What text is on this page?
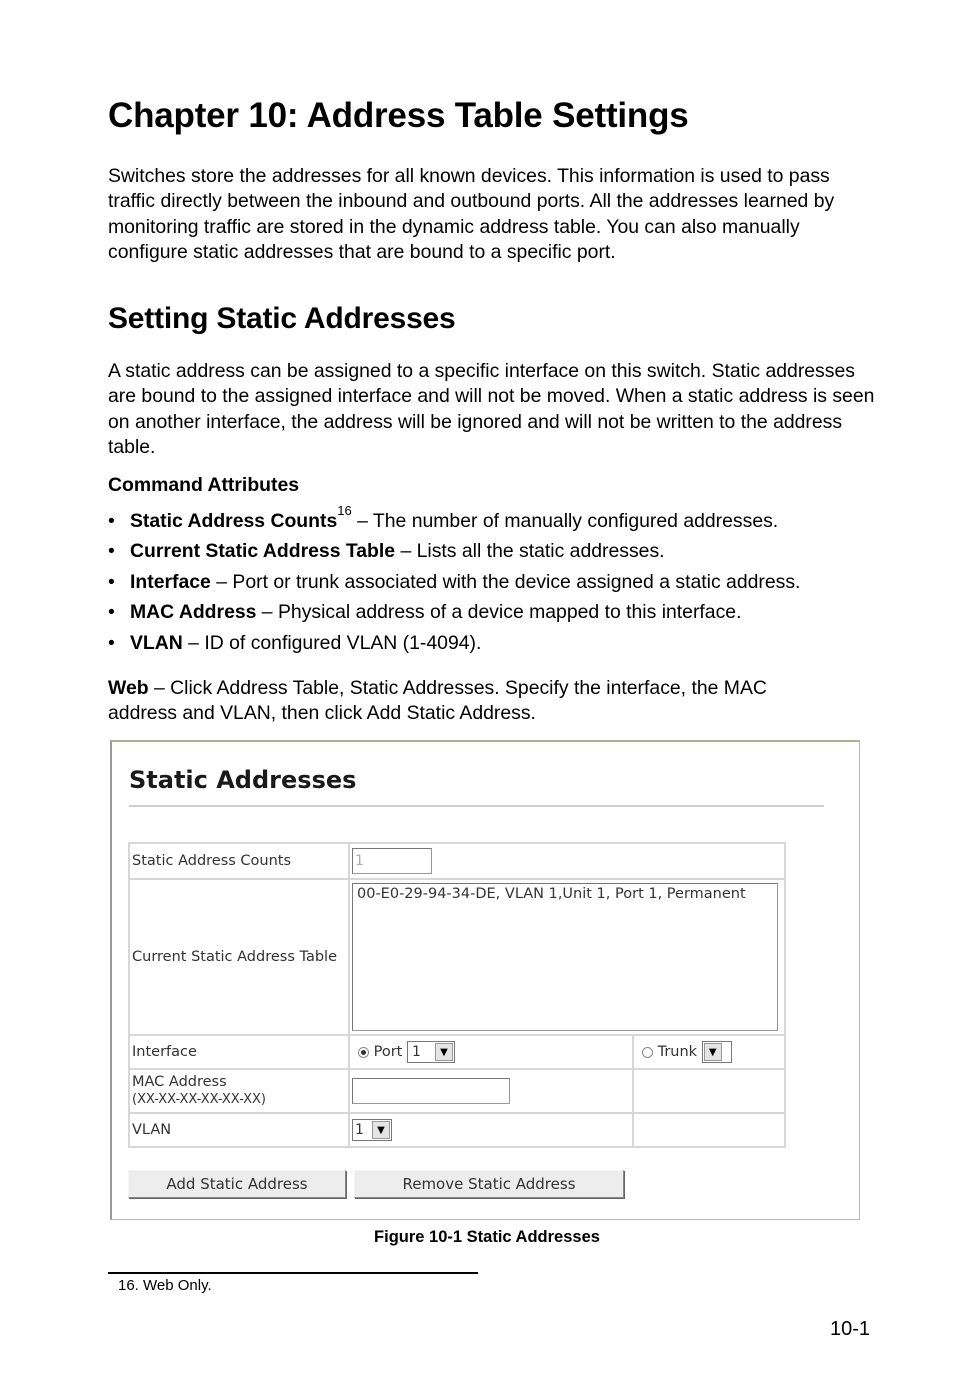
Chapter 10: Address Table Settings

Switches store the addresses for all known devices. This information is used to pass traffic directly between the inbound and outbound ports. All the addresses learned by monitoring traffic are stored in the dynamic address table. You can also manually configure static addresses that are bound to a specific port.

Setting Static Addresses

A static address can be assigned to a specific interface on this switch. Static addresses are bound to the assigned interface and will not be moved. When a static address is seen on another interface, the address will be ignored and will not be written to the address table.

Command Attributes
• Static Address Counts$^{16}$ – The number of manually configured addresses.
• Current Static Address Table – Lists all the static addresses.
• Interface – Port or trunk associated with the device assigned a static address.
• MAC Address – Physical address of a device mapped to this interface.
• VLAN – ID of configured VLAN (1-4094).
Web – Click Address Table, Static Addresses. Specify the interface, the MAC
address and VLAN, then click Add Static Address.
Static Addresses
Static Address Counts	1
Current Static Address Table	00-E0-29-94-34-DE, VLAN 1,Unit 1, Port 1, Permanent	

Interface	Port 1 ▼	Trunk ▼

MAC Address
(XX-XX-XX-XX-XX-XX)

VLAN	1 ▼	

Add Static Address	Remove Static Address
Figure 10-1 Static Addresses
16. Web Only.
10-1
